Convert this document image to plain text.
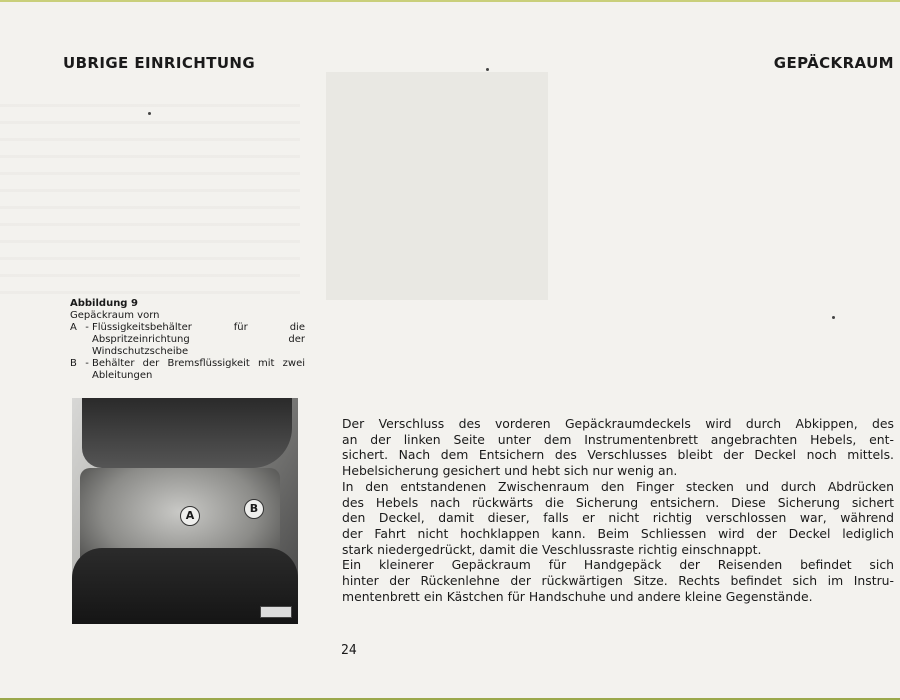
UBRIGE EINRICHTUNG	GEPÄCKRAUM
Abbildung 9
Gepäckraum vorn
A - Flüssigkeitsbehälter für die Abspritzeinrichtung der Windschutzscheibe
B - Behälter der Bremsflüssigkeit mit zwei Ableitungen
A
B
Der Verschluss des vorderen Gepäckraumdeckels wird durch Abkippen, des
an der linken Seite unter dem Instrumentenbrett angebrachten Hebels, ent-
sichert. Nach dem Entsichern des Verschlusses bleibt der Deckel noch mittels.
Hebelsicherung gesichert und hebt sich nur wenig an.
In den entstandenen Zwischenraum den Finger stecken und durch Abdrücken
des Hebels nach rückwärts die Sicherung entsichern. Diese Sicherung sichert
den Deckel, damit dieser, falls er nicht richtig verschlossen war, während
der Fahrt nicht hochklappen kann. Beim Schliessen wird der Deckel lediglich
stark niedergedrückt, damit die Veschlussraste richtig einschnappt.
Ein kleinerer Gepäckraum für Handgepäck der Reisenden befindet sich
hinter der Rückenlehne der rückwärtigen Sitze. Rechts befindet sich im Instru-
mentenbrett ein Kästchen für Handschuhe und andere kleine Gegenstände.
24
